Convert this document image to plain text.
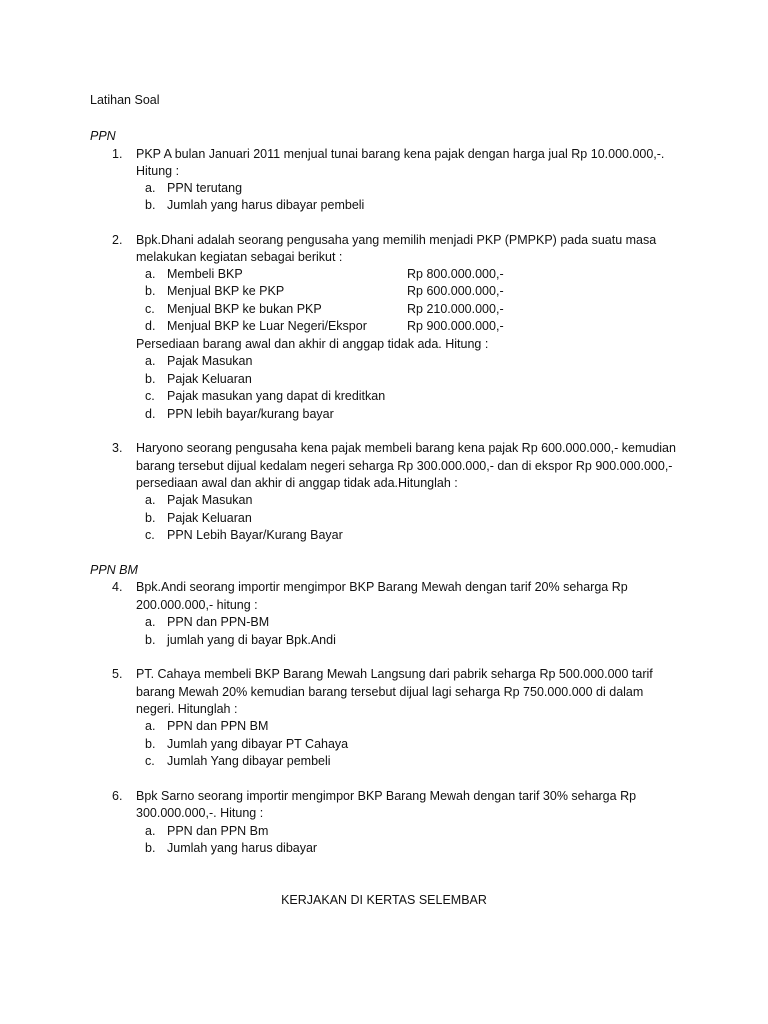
Latihan Soal
PPN
1. PKP A bulan Januari 2011 menjual tunai barang kena pajak dengan harga jual Rp 10.000.000,-.
Hitung :
a. PPN terutang
b. Jumlah yang harus dibayar pembeli
2. Bpk.Dhani adalah seorang pengusaha yang memilih menjadi PKP (PMPKP) pada suatu masa
melakukan kegiatan sebagai berikut :
a. Membeli BKP	Rp 800.000.000,-
b. Menjual BKP ke PKP	Rp 600.000.000,-
c. Menjual BKP ke bukan PKP	Rp 210.000.000,-
d. Menjual BKP ke Luar Negeri/Ekspor	Rp 900.000.000,-
Persediaan barang awal dan akhir di anggap tidak ada. Hitung :
a. Pajak Masukan
b. Pajak Keluaran
c. Pajak masukan yang dapat di kreditkan
d. PPN lebih bayar/kurang bayar
3. Haryono seorang pengusaha kena pajak membeli barang kena pajak Rp 600.000.000,- kemudian
barang tersebut dijual kedalam negeri seharga Rp 300.000.000,- dan di ekspor Rp 900.000.000,-
persediaan awal dan akhir di anggap tidak ada.Hitunglah :
a. Pajak Masukan
b. Pajak Keluaran
c. PPN Lebih Bayar/Kurang Bayar
PPN BM
4. Bpk.Andi seorang importir mengimpor BKP Barang Mewah dengan tarif 20% seharga Rp
200.000.000,- hitung :
a. PPN dan PPN-BM
b. jumlah yang di bayar Bpk.Andi
5. PT. Cahaya membeli BKP Barang Mewah Langsung dari pabrik seharga Rp 500.000.000 tarif
barang Mewah 20% kemudian barang tersebut dijual lagi seharga Rp 750.000.000 di dalam
negeri. Hitunglah :
a. PPN dan PPN BM
b. Jumlah yang dibayar PT Cahaya
c. Jumlah Yang dibayar pembeli
6. Bpk Sarno seorang importir mengimpor BKP Barang Mewah dengan tarif 30% seharga Rp
300.000.000,-. Hitung :
a. PPN dan PPN Bm
b. Jumlah yang harus dibayar
KERJAKAN DI KERTAS SELEMBAR
